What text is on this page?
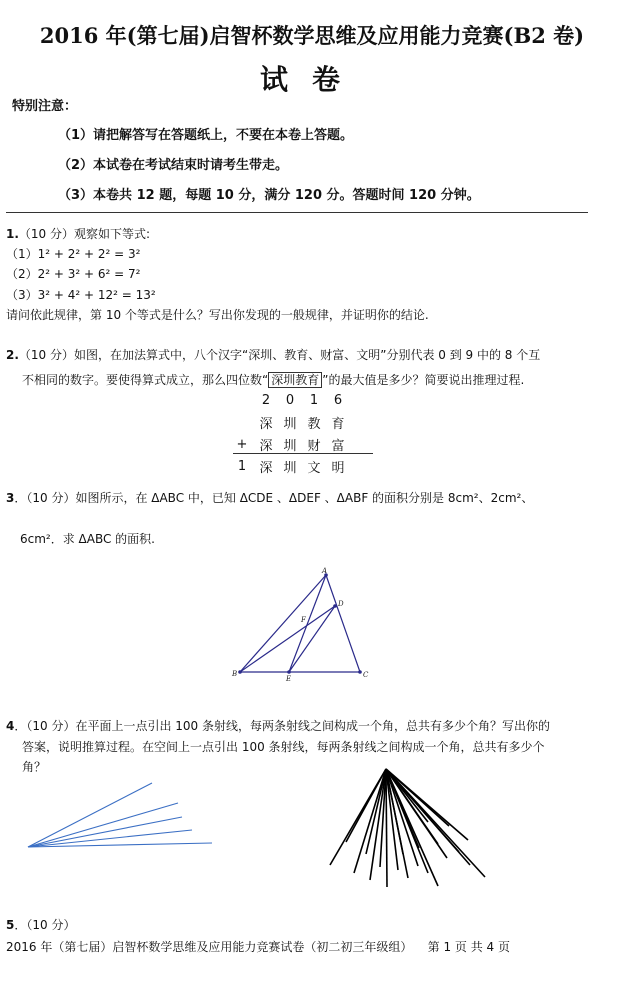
2016 年(第七届)启智杯数学思维及应用能力竞赛(B2 卷)
试卷
特别注意：
（1）请把解答写在答题纸上，不要在本卷上答题。
（2）本试卷在考试结束时请考生带走。
（3）本卷共 12 题，每题 10 分，满分 120 分。答题时间 120 分钟。
1.（10 分）观察如下等式:
（1）1² + 2² + 2² = 3²
（2）2² + 3² + 6² = 7²
（3）3² + 4² + 12² = 13²
请问依此规律，第 10 个等式是什么？写出你发现的一般规律，并证明你的结论.
2.（10 分）如图，在加法算式中，八个汉字“深圳、教育、财富、文明”分别代表 0 到 9 中的 8 个互
不相同的数字。要使得算式成立，那么四位数“ 深圳教育 ”的最大值是多少？简要说出推理过程.
2	0	1	6
深 圳 教 育
+ 深 圳 财 富
1	深 圳 文 明
3．（10 分）如图所示，在 ΔABC 中，已知 ΔCDE 、ΔDEF 、ΔABF 的面积分别是 8cm²、2cm²、
6cm²．求 ΔABC 的面积.
A
D
F
B
E	C
4．（10 分）在平面上一点引出 100 条射线，每两条射线之间构成一个角，总共有多少个角？写出你的
答案，说明推算过程。在空间上一点引出 100 条射线，每两条射线之间构成一个角，总共有多少个
角？
5．（10 分）
2016 年（第七届）启智杯数学思维及应用能力竞赛试卷（初二初三年级组） 第 1 页 共 4 页
